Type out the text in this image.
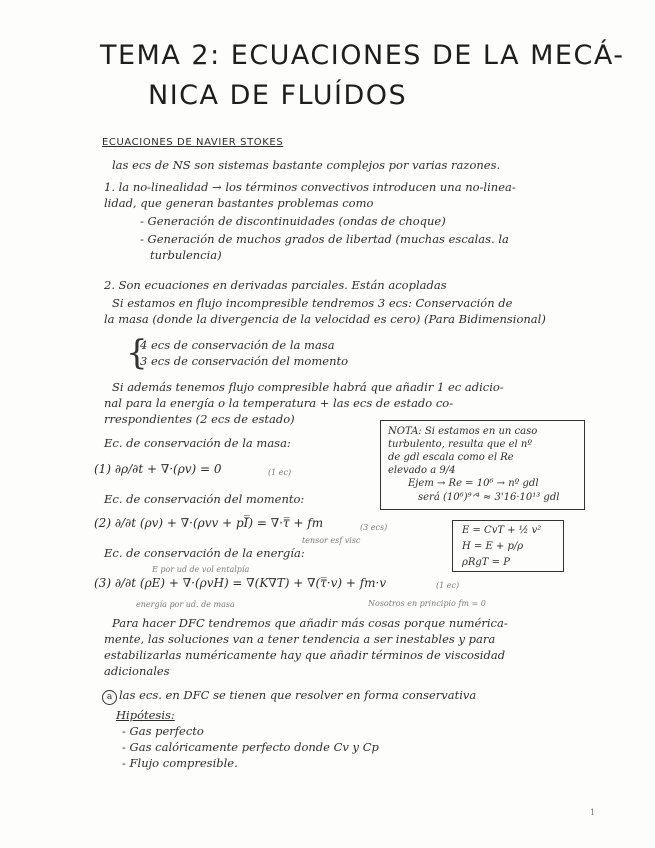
TEMA 2: ECUACIONES DE LA MECÁ-
NICA DE FLUÍDOS
ECUACIONES DE NAVIER STOKES
las ecs de NS son sistemas bastante complejos por varias razones.
1. la no-linealidad → los términos convectivos introducen una no-linea-
lidad, que generan bastantes problemas como
- Generación de discontinuidades (ondas de choque)
- Generación de muchos grados de libertad (muchas escalas. la
turbulencia)
2. Son ecuaciones en derivadas parciales. Están acopladas
Si estamos en flujo incompresible tendremos 3 ecs: Conservación de
la masa (donde la divergencia de la velocidad es cero) (Para Bidimensional)
{
4 ecs de conservación de la masa
3 ecs de conservación del momento
Si además tenemos flujo compresible habrá que añadir 1 ec adicio-
nal para la energía o la temperatura + las ecs de estado co-
rrespondientes (2 ecs de estado)
Ec. de conservación de la masa:
(1) ∂ρ/∂t + ∇·(ρv) = 0	(1 ec)
Ec. de conservación del momento:
(2) ∂/∂t (ρv) + ∇·(ρvv + pI̿) = ∇·τ̿ + fm	(3 ecs)
tensor esf visc
Ec. de conservación de la energía:
E por ud de vol entalpía
(3) ∂/∂t (ρE) + ∇·(ρvH) = ∇(K∇T) + ∇(τ̿·v) + fm·v	(1 ec)
energía por ud. de masa	Nosotros en principio fm = 0
Para hacer DFC tendremos que añadir más cosas porque numérica-
mente, las soluciones van a tener tendencia a ser inestables y para
estabilizarlas numéricamente hay que añadir términos de viscosidad
adicionales
a las ecs. en DFC se tienen que resolver en forma conservativa
Hipótesis:
- Gas perfecto
- Gas calóricamente perfecto donde Cv y Cp
- Flujo compresible.
NOTA: Si estamos en un caso
turbulento, resulta que el nº
de gdl escala como el Re
elevado a 9/4
Ejem → Re = 10⁶ → nº gdl
será (10⁶)⁹ᐟ⁴ ≈ 3'16·10¹³ gdl
E = CvT + ½ v²
H = E + p/ρ
ρRgT = P
1
